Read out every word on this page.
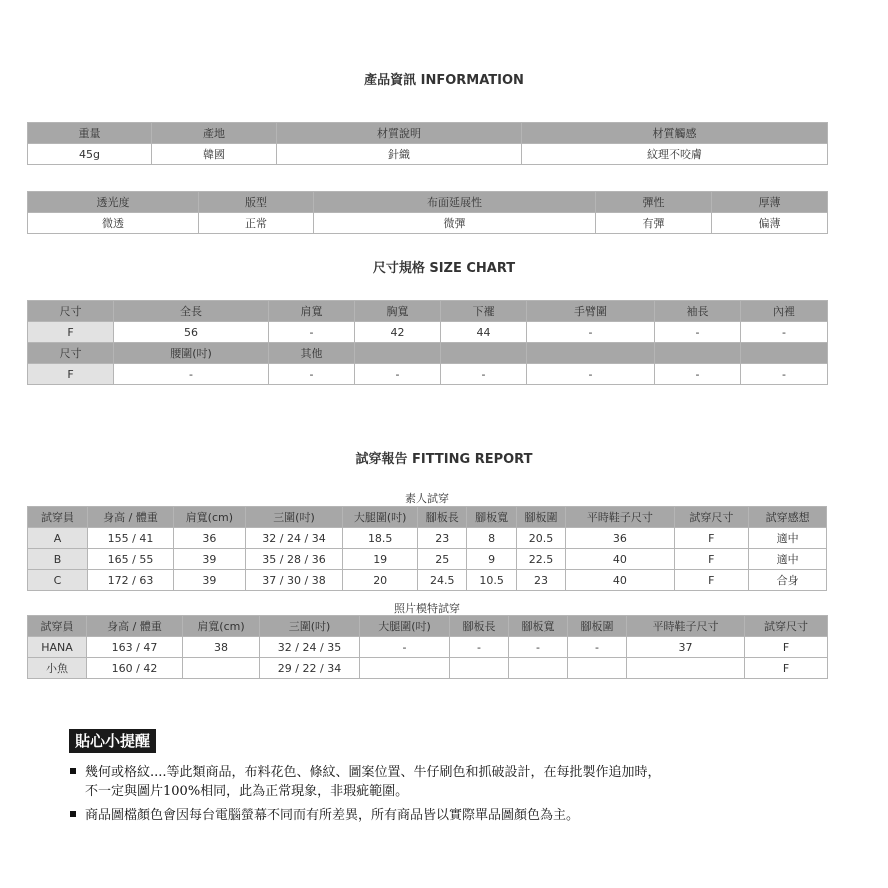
產品資訊 INFORMATION
重量	產地	材質說明	材質觸感
45g	韓國	針織	紋理不咬膚
透光度	版型	布面延展性	彈性	厚薄
微透	正常	微彈	有彈	偏薄
尺寸規格 SIZE CHART
尺寸	全長	肩寬	胸寬	下襬	手臂圍	袖長	內裡
F	56	-	42	44	-	-	-
尺寸	腰圍(吋)	其他					
F	-	-	-	-	-	-	-
試穿報告 FITTING REPORT
素人試穿
試穿員	身高 / 體重	肩寬(cm)	三圍(吋)	大腿圍(吋)	腳板長	腳板寬	腳板圍	平時鞋子尺寸	試穿尺寸	試穿感想
A	155 / 41	36	32 / 24 / 34	18.5	23	8	20.5	36	F	適中
B	165 / 55	39	35 / 28 / 36	19	25	9	22.5	40	F	適中
C	172 / 63	39	37 / 30 / 38	20	24.5	10.5	23	40	F	合身
照片模特試穿
試穿員	身高 / 體重	肩寬(cm)	三圍(吋)	大腿圍(吋)	腳板長	腳板寬	腳板圍	平時鞋子尺寸	試穿尺寸
HANA	163 / 47	38	32 / 24 / 35	-	-	-	-	37	F
小魚	160 / 42		29 / 22 / 34						F
貼心小提醒
幾何或格紋....等此類商品，布料花色、條紋、圖案位置、牛仔刷色和抓破設計，在每批製作追加時，
不一定與圖片100%相同，此為正常現象，非瑕疵範圍。
商品圖檔顏色會因每台電腦螢幕不同而有所差異，所有商品皆以實際單品圖顏色為主。
